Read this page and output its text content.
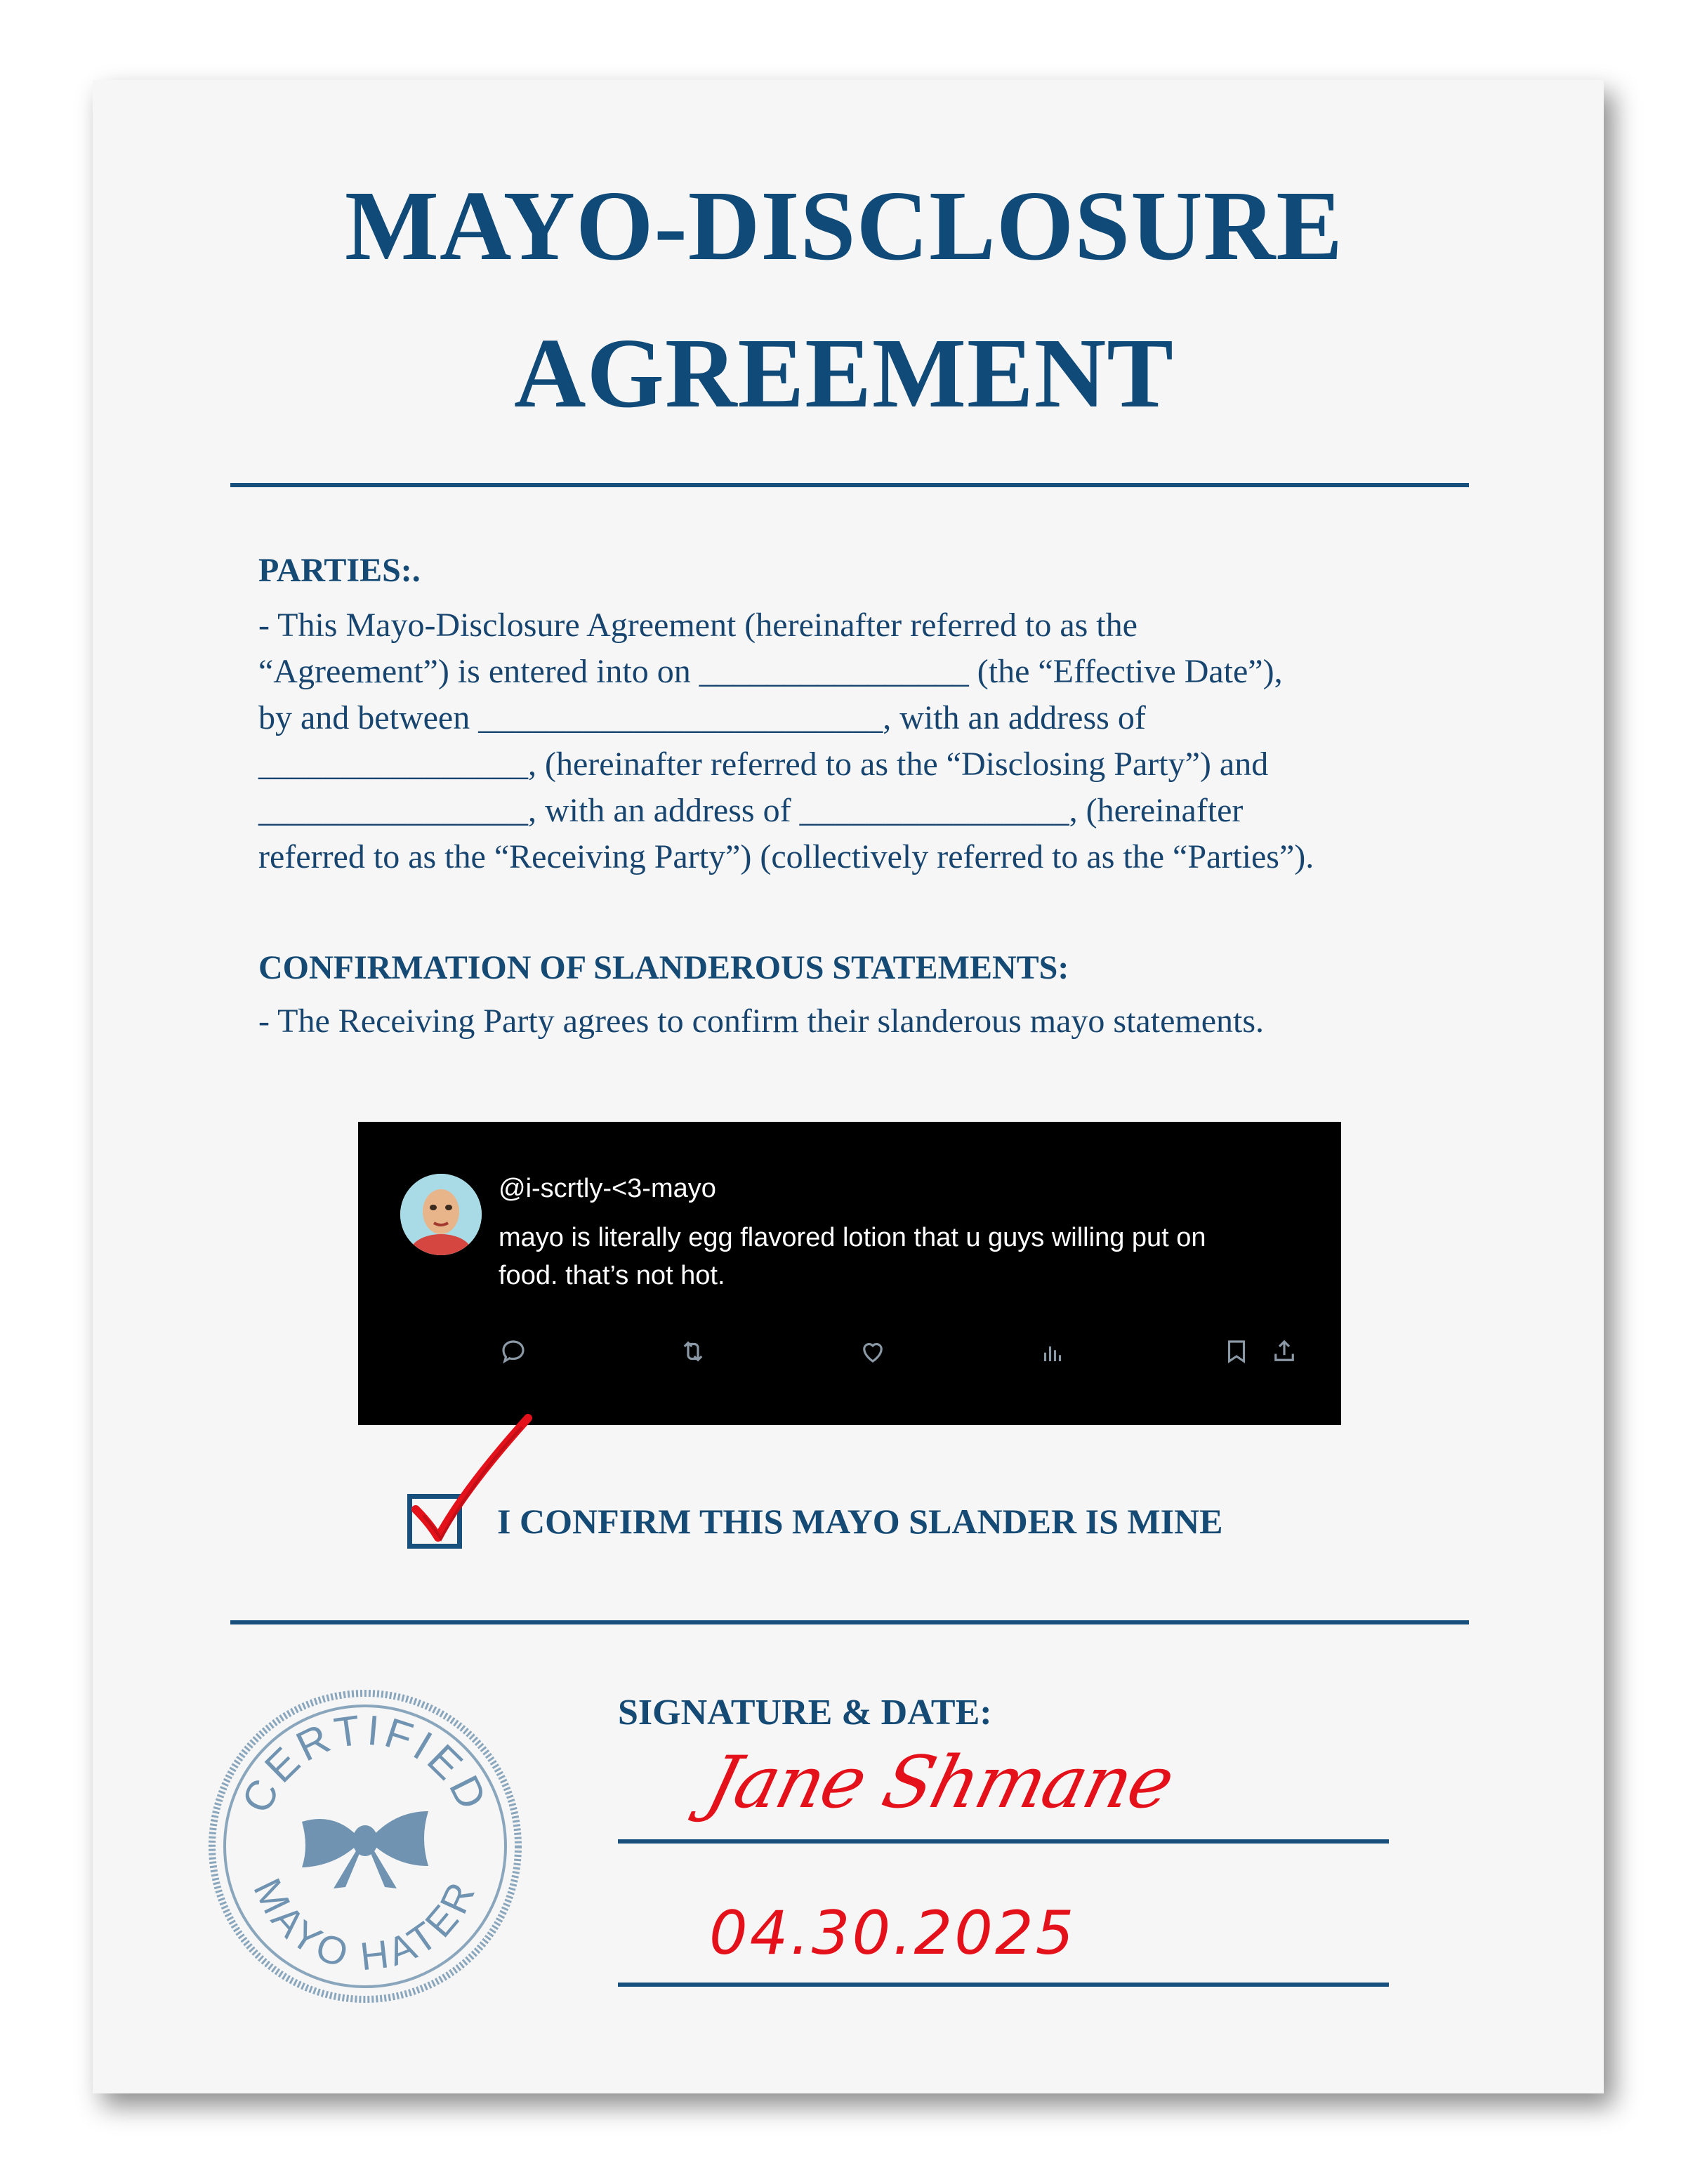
MAYO-DISCLOSURE
AGREEMENT
PARTIES:.
- This Mayo-Disclosure Agreement (hereinafter referred to as the
“Agreement”) is entered into on ________________ (the “Effective Date”),
by and between ________________________, with an address of
________________, (hereinafter referred to as the “Disclosing Party”) and
________________, with an address of ________________, (hereinafter
referred to as the “Receiving Party”) (collectively referred to as the “Parties”).
CONFIRMATION OF SLANDEROUS STATEMENTS:
- The Receiving Party agrees to confirm their slanderous mayo statements.
@i-scrtly-<3-mayo
mayo is literally egg flavored lotion that u guys willing put on food. that’s not hot.
I CONFIRM THIS MAYO SLANDER IS MINE
CERTIFIED
MAYO HATER
SIGNATURE & DATE:
Jane Shmane
04.30.2025
